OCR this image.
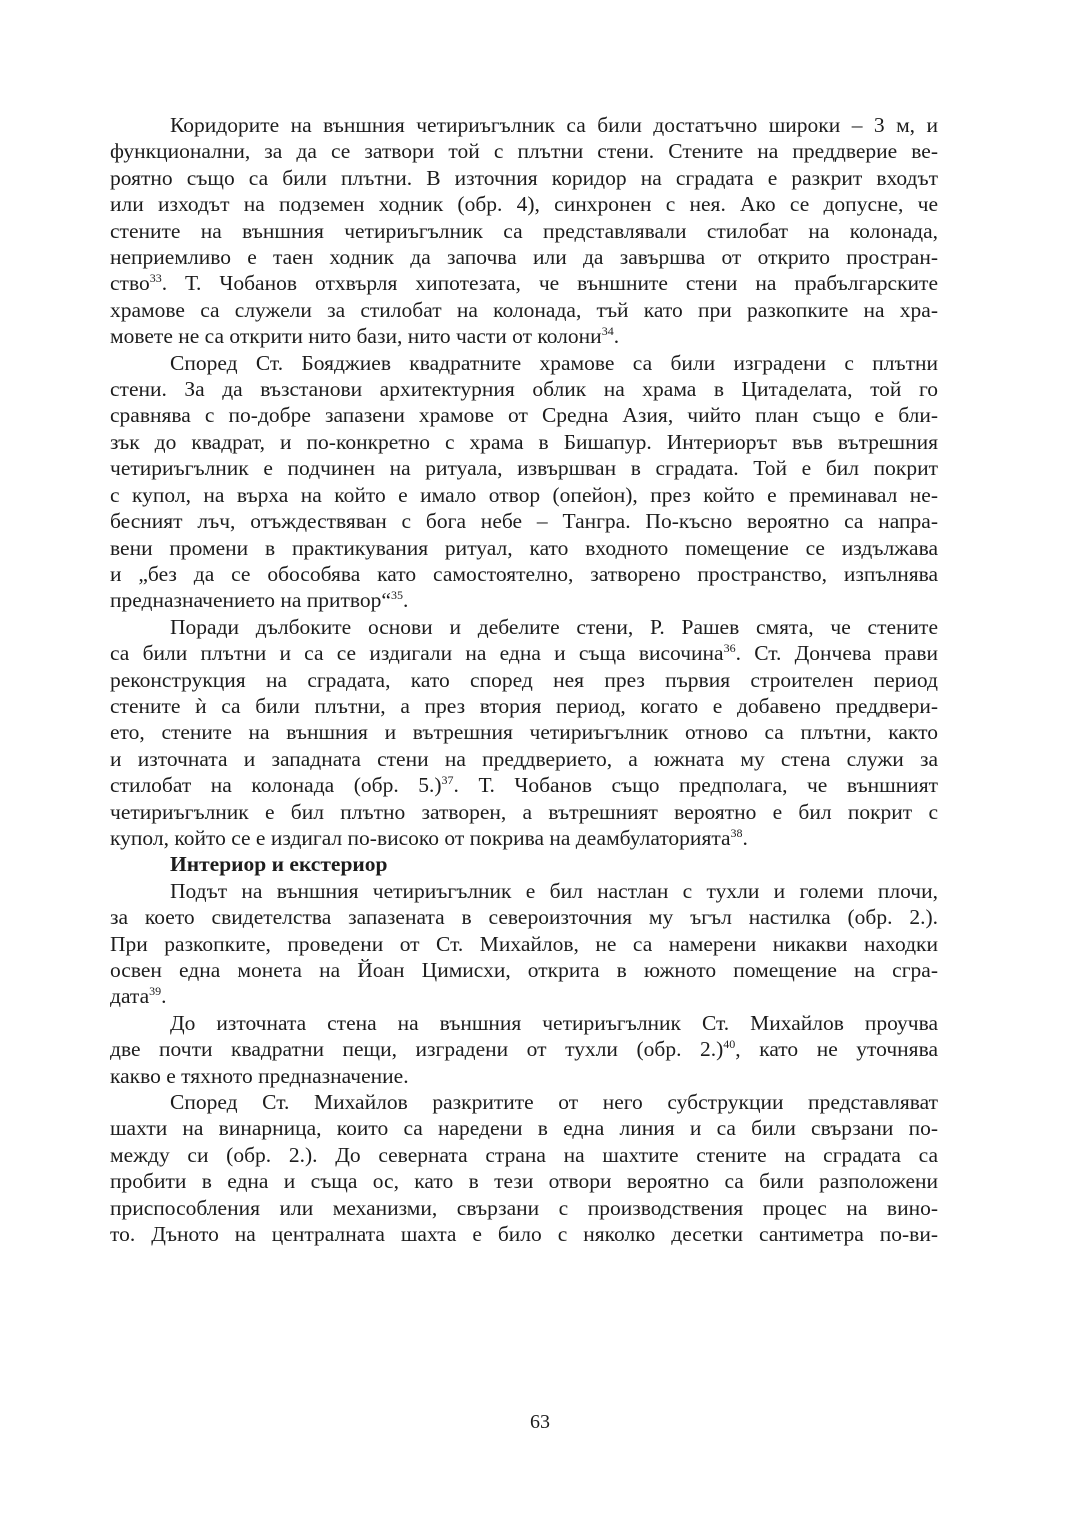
Коридорите на външния четириъгълник са били достатъчно широки – 3 м, и
функционални, за да се затвори той с плътни стени. Стените на преддверие ве-
роятно също са били плътни. В източния коридор на сградата е разкрит входът
или изходът на подземен ходник (обр. 4), синхронен с нея. Ако се допусне, че
стените на външния четириъгълник са представлявали стилобат на колонада,
неприемливо е таен ходник да започва или да завършва от открито простран-
ство$^{33}$. Т. Чобанов отхвърля хипотезата, че външните стени на прабългарските
храмове са служели за стилобат на колонада, тъй като при разкопките на хра-
мовете не са открити нито бази, нито части от колони$^{34}$.
Според Ст. Бояджиев квадратните храмове са били изградени с плътни
стени. За да възстанови архитектурния облик на храма в Цитаделата, той го
сравнява с по-добре запазени храмове от Средна Азия, чийто план също е бли-
зък до квадрат, и по-конкретно с храма в Бишапур. Интериорът във вътрешния
четириъгълник е подчинен на ритуала, извършван в сградата. Той е бил покрит
с купол, на върха на който е имало отвор (опейон), през който е преминавал не-
бесният лъч, отъждествяван с бога небе – Тангра. По-късно вероятно са напра-
вени промени в практикувания ритуал, като входното помещение се издължава
и „без да се обособява като самостоятелно, затворено пространство, изпълнява
предназначението на притвор“$^{35}$.
Поради дълбоките основи и дебелите стени, Р. Рашев смята, че стените
са били плътни и са се издигали на една и съща височина$^{36}$. Ст. Дончева прави
реконструкция на сградата, като според нея през първия строителен период
стените ѝ са били плътни, а през втория период, когато е добавено преддвери-
ето, стените на външния и вътрешния четириъгълник отново са плътни, както
и източната и западната стени на преддверието, а южната му стена служи за
стилобат на колонада (обр. 5.)$^{37}$. Т. Чобанов също предполага, че външният
четириъгълник е бил плътно затворен, а вътрешният вероятно е бил покрит с
купол, който се е издигал по-високо от покрива на деамбулаторията$^{38}$.
Интериор и екстериор
Подът на външния четириъгълник е бил настлан с тухли и големи плочи,
за което свидетелства запазената в североизточния му ъгъл настилка (обр. 2.).
При разкопките, проведени от Ст. Михайлов, не са намерени никакви находки
освен една монета на Йоан Цимисхи, открита в южното помещение на сгра-
дата$^{39}$.
До източната стена на външния четириъгълник Ст. Михайлов проучва
две почти квадратни пещи, изградени от тухли (обр. 2.)$^{40}$, като не уточнява
какво е тяхното предназначение.
Според Ст. Михайлов разкритите от него субструкции представляват
шахти на винарница, които са наредени в една линия и са били свързани по-
между си (обр. 2.). До северната страна на шахтите стените на сградата са
пробити в една и съща ос, като в тези отвори вероятно са били разположени
приспособления или механизми, свързани с производствения процес на вино-
то. Дъното на централната шахта е било с няколко десетки сантиметра по-ви-
63
